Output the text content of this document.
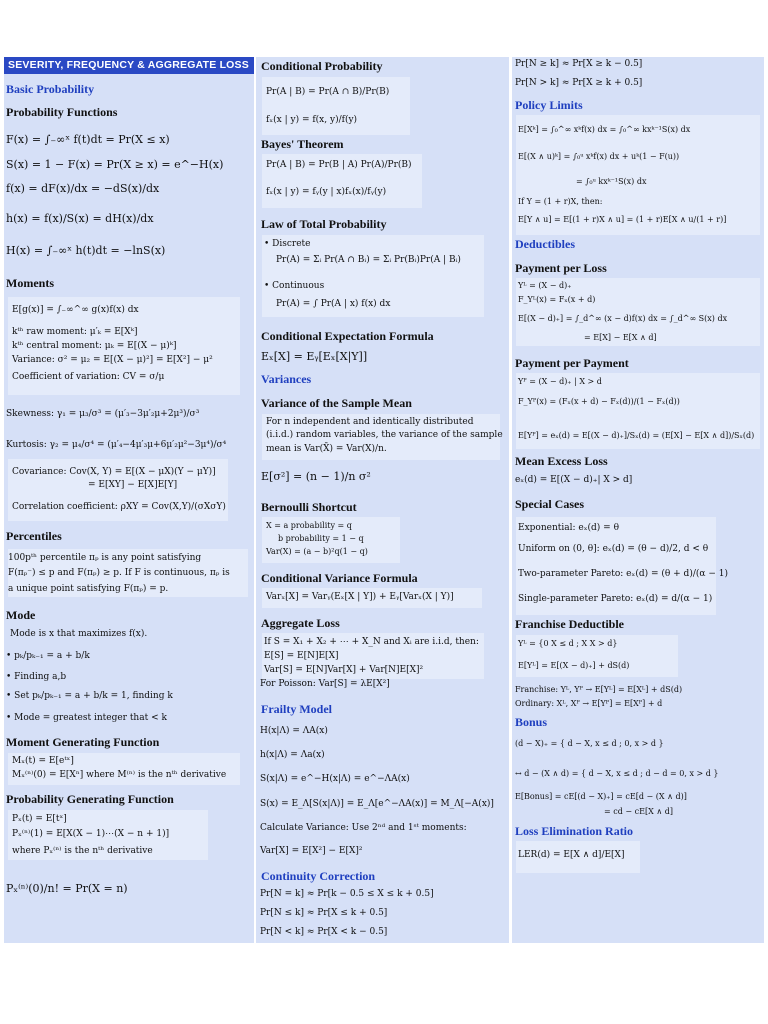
SEVERITY, FREQUENCY & AGGREGATE LOSS
Basic Probability
Probability Functions
F(x) = ∫₋∞ˣ f(t)dt = Pr(X ≤ x)
S(x) = 1 − F(x) = Pr(X ≥ x) = e^−H(x)
f(x) = dF(x)/dx = −dS(x)/dx
h(x) = f(x)/S(x) = dH(x)/dx
H(x) = ∫₋∞ˣ h(t)dt = −lnS(x)
Moments
E[g(x)] = ∫₋∞^∞ g(x)f(x) dx
kᵗʰ raw moment: μ′ₖ = E[Xᵏ]
kᵗʰ central moment: μₖ = E[(X − μ)ᵏ]
Variance: σ² = μ₂ = E[(X − μ)²] = E[X²] − μ²
Coefficient of variation: CV = σ/μ
Skewness: γ₁ = μ₃/σ³ = (μ′₃−3μ′₂μ+2μ³)/σ³
Kurtosis: γ₂ = μ₄/σ⁴ = (μ′₄−4μ′₃μ+6μ′₂μ²−3μ⁴)/σ⁴
Covariance: Cov(X, Y) = E[(X − μX)(Y − μY)]
= E[XY] − E[X]E[Y]
Correlation coefficient: ρXY = Cov(X,Y)/(σXσY)
Percentiles
100pᵗʰ percentile πₚ is any point satisfying
F(πₚ⁻) ≤ p and F(πₚ) ≥ p. If F is continuous, πₚ is
a unique point satisfying F(πₚ) = p.
Mode
Mode is x that maximizes f(x).
• pₖ/pₖ₋₁ = a + b/k
• Finding a,b
• Set pₖ/pₖ₋₁ = a + b/k = 1, finding k
• Mode = greatest integer that < k
Moment Generating Function
Mₓ(t) = E[eᵗˣ]
Mₓ⁽ⁿ⁾(0) = E[Xⁿ] where M⁽ⁿ⁾ is the nᵗʰ derivative
Probability Generating Function
Pₓ(t) = E[tˣ]
Pₓ⁽ⁿ⁾(1) = E[X(X − 1)⋯(X − n + 1)]
where Pₓ⁽ⁿ⁾ is the nᵗʰ derivative
Pₓ⁽ⁿ⁾(0)/n! = Pr(X = n)
Conditional Probability
Pr(A | B) = Pr(A ∩ B)/Pr(B)
fₓ(x | y) = f(x, y)/f(y)
Bayes' Theorem
Pr(A | B) = Pr(B | A) Pr(A)/Pr(B)
fₓ(x | y) = fᵧ(y | x)fₓ(x)/fᵧ(y)
Law of Total Probability
• Discrete
Pr(A) = Σᵢ Pr(A ∩ Bᵢ) = Σᵢ Pr(Bᵢ)Pr(A | Bᵢ)
• Continuous
Pr(A) = ∫ Pr(A | x) f(x) dx
Conditional Expectation Formula
Eₓ[X] = Eᵧ[Eₓ[X|Y]]
Variances
Variance of the Sample Mean
For n independent and identically distributed
(i.i.d.) random variables, the variance of the sample
mean is Var(X̄) = Var(X)/n.
E[σ²] = (n − 1)/n σ²
Bernoulli Shortcut
X = a probability = q
b probability = 1 − q
Var(X) = (a − b)²q(1 − q)
Conditional Variance Formula
Varₓ[X] = Varᵧ(Eₓ[X | Y]) + Eᵧ[Varₓ(X | Y)]
Aggregate Loss
If S = X₁ + X₂ + ⋯ + X_N and Xᵢ are i.i.d, then:
E[S] = E[N]E[X]
Var[S] = E[N]Var[X] + Var[N]E[X]²
For Poisson: Var[S] = λE[X²]
Frailty Model
H(x|Λ) = ΛA(x)
h(x|Λ) = Λa(x)
S(x|Λ) = e^−H(x|Λ) = e^−ΛA(x)
S(x) = E_Λ[S(x|Λ)] = E_Λ[e^−ΛA(x)] = M_Λ[−A(x)]
Calculate Variance: Use 2ⁿᵈ and 1ˢᵗ moments:
Var[X] = E[X²] − E[X]²
Continuity Correction
Pr[N = k] ≈ Pr[k − 0.5 ≤ X ≤ k + 0.5]
Pr[N ≤ k] ≈ Pr[X ≤ k + 0.5]
Pr[N < k] ≈ Pr[X < k − 0.5]
Pr[N ≥ k] ≈ Pr[X ≥ k − 0.5]
Pr[N > k] ≈ Pr[X ≥ k + 0.5]
Policy Limits
E[Xᵏ] = ∫₀^∞ xᵏf(x) dx = ∫₀^∞ kxᵏ⁻¹S(x) dx
E[(X ∧ u)ᵏ] = ∫₀ᵘ xᵏf(x) dx + uᵏ(1 − F(u))
= ∫₀ᵘ kxᵏ⁻¹S(x) dx
If Y = (1 + r)X, then:
E[Y ∧ u] = E[(1 + r)X ∧ u] = (1 + r)E[X ∧ u/(1 + r)]
Deductibles
Payment per Loss
Yᴸ = (X − d)₊
F_Yᴸ(x) = Fₓ(x + d)
E[(X − d)₊] = ∫_d^∞ (x − d)f(x) dx = ∫_d^∞ S(x) dx
= E[X] − E[X ∧ d]
Payment per Payment
Yᴾ = (X − d)₊ | X > d
F_Yᴾ(x) = (Fₓ(x + d) − Fₓ(d))/(1 − Fₓ(d))
E[Yᴾ] = eₓ(d) = E[(X − d)₊]/Sₓ(d) = (E[X] − E[X ∧ d])/Sₓ(d)
Mean Excess Loss
eₓ(d) = E[(X − d)₊| X > d]
Special Cases
Exponential: eₓ(d) = θ
Uniform on (0, θ]: eₓ(d) = (θ − d)/2, d < θ
Two-parameter Pareto: eₓ(d) = (θ + d)/(α − 1)
Single-parameter Pareto: eₓ(d) = d/(α − 1)
Franchise Deductible
Yᴸ = {0 X ≤ d ; X X > d}
E[Yᴸ] = E[(X − d)₊] + dS(d)
Franchise: Yᴸ, Yᴾ → E[Yᴸ] = E[Xᴸ] + dS(d)
Ordinary: Xᴸ, Xᴾ → E[Yᴾ] = E[Xᴾ] + d
Bonus
(d − X)₊ = { d − X, x ≤ d ; 0, x > d }
↔ d − (X ∧ d) = { d − X, x ≤ d ; d − d = 0, x > d }
E[Bonus] = cE[(d − X)₊] = cE[d − (X ∧ d)]
= cd − cE[X ∧ d]
Loss Elimination Ratio
LER(d) = E[X ∧ d]/E[X]
